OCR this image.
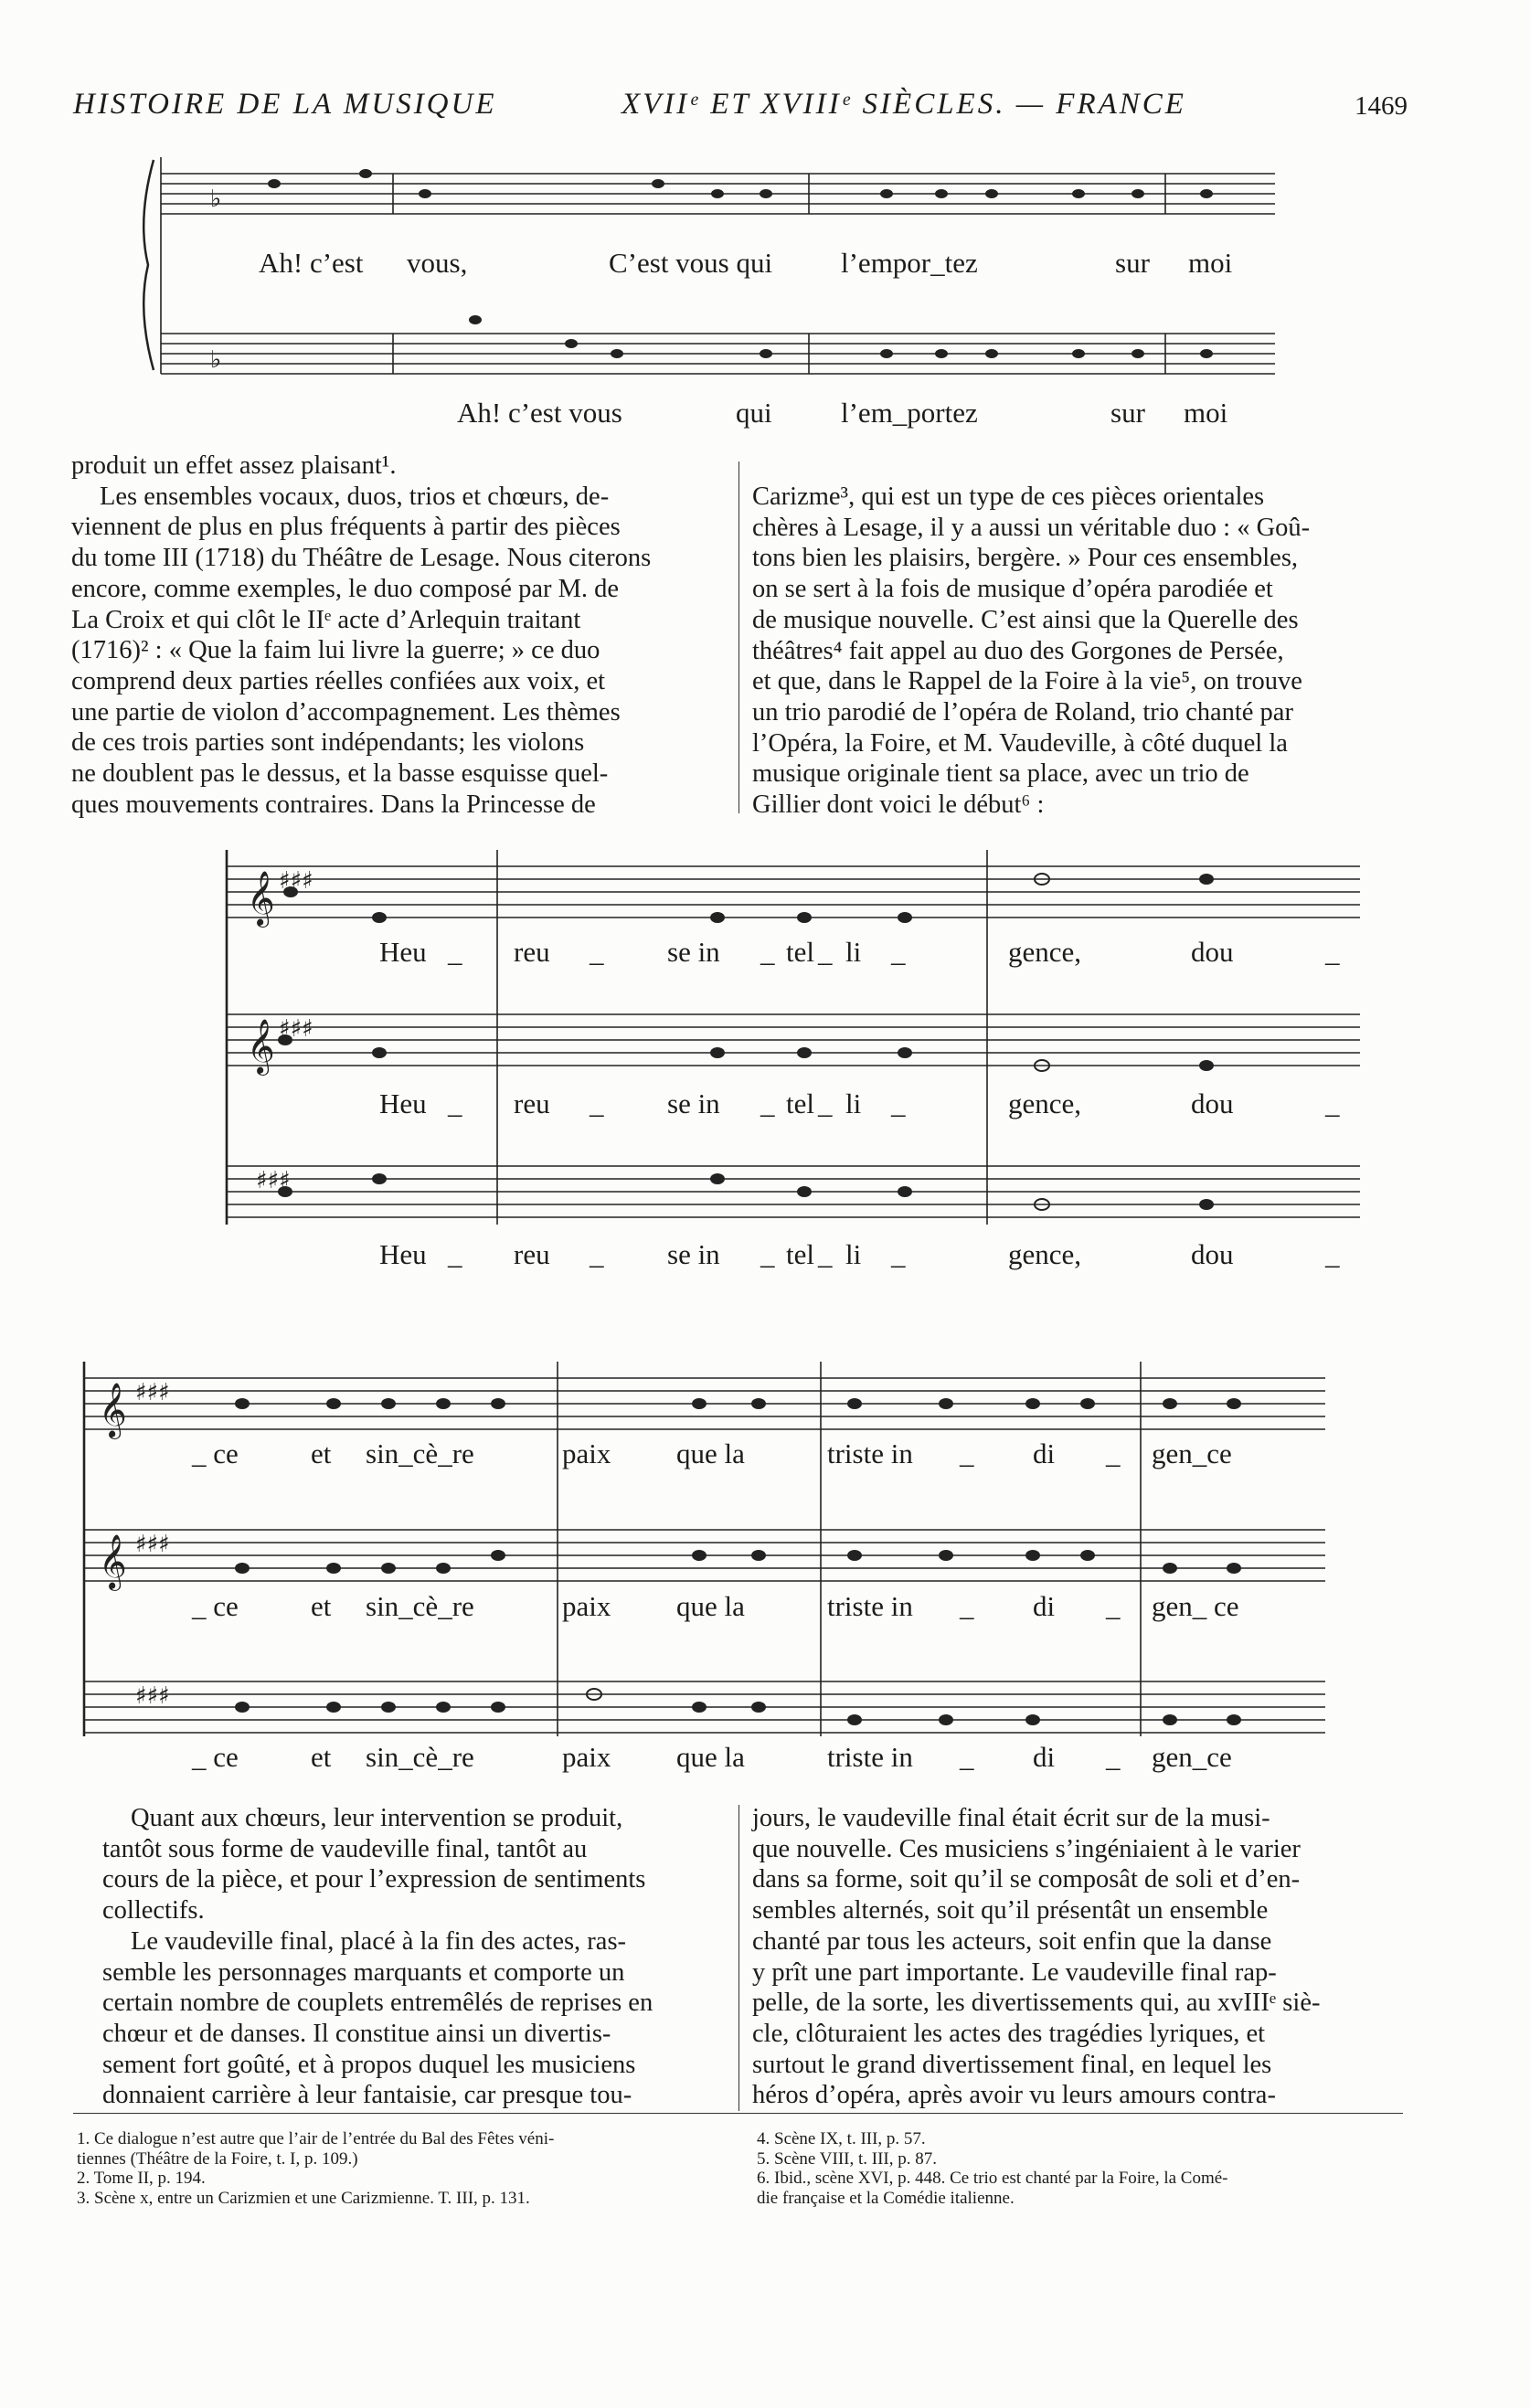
HISTOIRE DE LA MUSIQUE	XVIIᵉ ET XVIIIᵉ SIÈCLES. — FRANCE	1469
𝄞
𝄞
𝄞
𝄞
♯♯♯
♯♯♯
♯♯♯
♯♯♯
♯♯♯
♯♯♯
♭
♭
Ah! c’est vous,	C’est vous qui l’empor_tez	sur moi
Ah! c’est vous	qui l’em_portez	sur moi

produit un effet assez plaisant¹.

Les ensembles vocaux, duos, trios et chœurs, de-

viennent de plus en plus fréquents à partir des pièces

du tome III (1718) du Théâtre de Lesage. Nous citerons

encore, comme exemples, le duo composé par M. de

La Croix et qui clôt le IIᵉ acte d’Arlequin traitant

(1716)² : « Que la faim lui livre la guerre; » ce duo

comprend deux parties réelles confiées aux voix, et

une partie de violon d’accompagnement. Les thèmes

de ces trois parties sont indépendants; les violons

ne doublent pas le dessus, et la basse esquisse quel-

ques mouvements contraires. Dans la Princesse de

Carizme³, qui est un type de ces pièces orientales

chères à Lesage, il y a aussi un véritable duo : « Goû-

tons bien les plaisirs, bergère. » Pour ces ensembles,

on se sert à la fois de musique d’opéra parodiée et

de musique nouvelle. C’est ainsi que la Querelle des

théâtres⁴ fait appel au duo des Gorgones de Persée,

et que, dans le Rappel de la Foire à la vie⁵, on trouve

un trio parodié de l’opéra de Roland, trio chanté par

l’Opéra, la Foire, et M. Vaudeville, à côté duquel la

musique originale tient sa place, avec un trio de

Gillier dont voici le début⁶ :

Heu _ reu _ se in _ tel _ li _	gence,	dou	_
Heu _ reu _ se in _ tel _ li _	gence,	dou	_
Heu _ reu _ se in _ tel _ li _	gence,	dou	_
_ ce	et sin_cè_re	paix que la	triste in _ di _ gen_ce
_ ce	et sin_cè_re	paix que la	triste in _ di _ gen_ ce
_ ce	et sin_cè_re	paix que la	triste in _ di _ gen_ce

Quant aux chœurs, leur intervention se produit,

tantôt sous forme de vaudeville final, tantôt au

cours de la pièce, et pour l’expression de sentiments

collectifs.

Le vaudeville final, placé à la fin des actes, ras-

semble les personnages marquants et comporte un

certain nombre de couplets entremêlés de reprises en

chœur et de danses. Il constitue ainsi un divertis-

sement fort goûté, et à propos duquel les musiciens

donnaient carrière à leur fantaisie, car presque tou-

jours, le vaudeville final était écrit sur de la musi-

que nouvelle. Ces musiciens s’ingéniaient à le varier

dans sa forme, soit qu’il se composât de soli et d’en-

sembles alternés, soit qu’il présentât un ensemble

chanté par tous les acteurs, soit enfin que la danse

y prît une part importante. Le vaudeville final rap-

pelle, de la sorte, les divertissements qui, au xvIIIᵉ siè-

cle, clôturaient les actes des tragédies lyriques, et

surtout le grand divertissement final, en lequel les

héros d’opéra, après avoir vu leurs amours contra-

1. Ce dialogue n’est autre que l’air de l’entrée du Bal des Fêtes véni-

tiennes (Théâtre de la Foire, t. I, p. 109.)

2. Tome II, p. 194.

3. Scène x, entre un Carizmien et une Carizmienne. T. III, p. 131.

4. Scène IX, t. III, p. 57.

5. Scène VIII, t. III, p. 87.

6. Ibid., scène XVI, p. 448. Ce trio est chanté par la Foire, la Comé-

die française et la Comédie italienne.
